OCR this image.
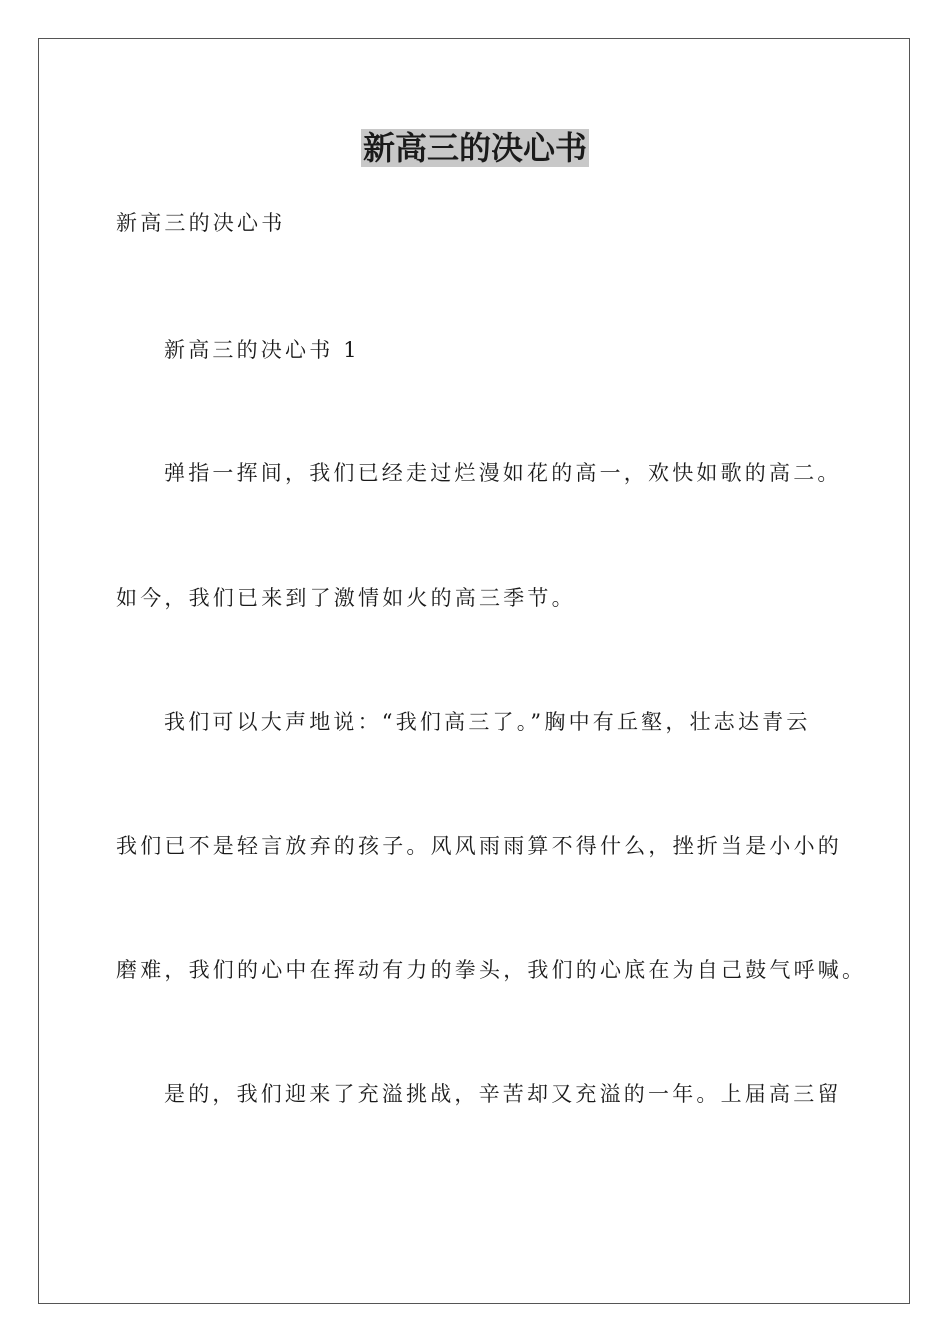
新高三的决心书
新高三的决心书
新高三的决心书 1
弹指一挥间，我们已经走过烂漫如花的高一，欢快如歌的高二。
如今，我们已来到了激情如火的高三季节。
我们可以大声地说：“我们高三了。”胸中有丘壑，壮志达青云
我们已不是轻言放弃的孩子。风风雨雨算不得什么，挫折当是小小的
磨难，我们的心中在挥动有力的拳头，我们的心底在为自己鼓气呼喊。
是的，我们迎来了充溢挑战，辛苦却又充溢的一年。上届高三留
